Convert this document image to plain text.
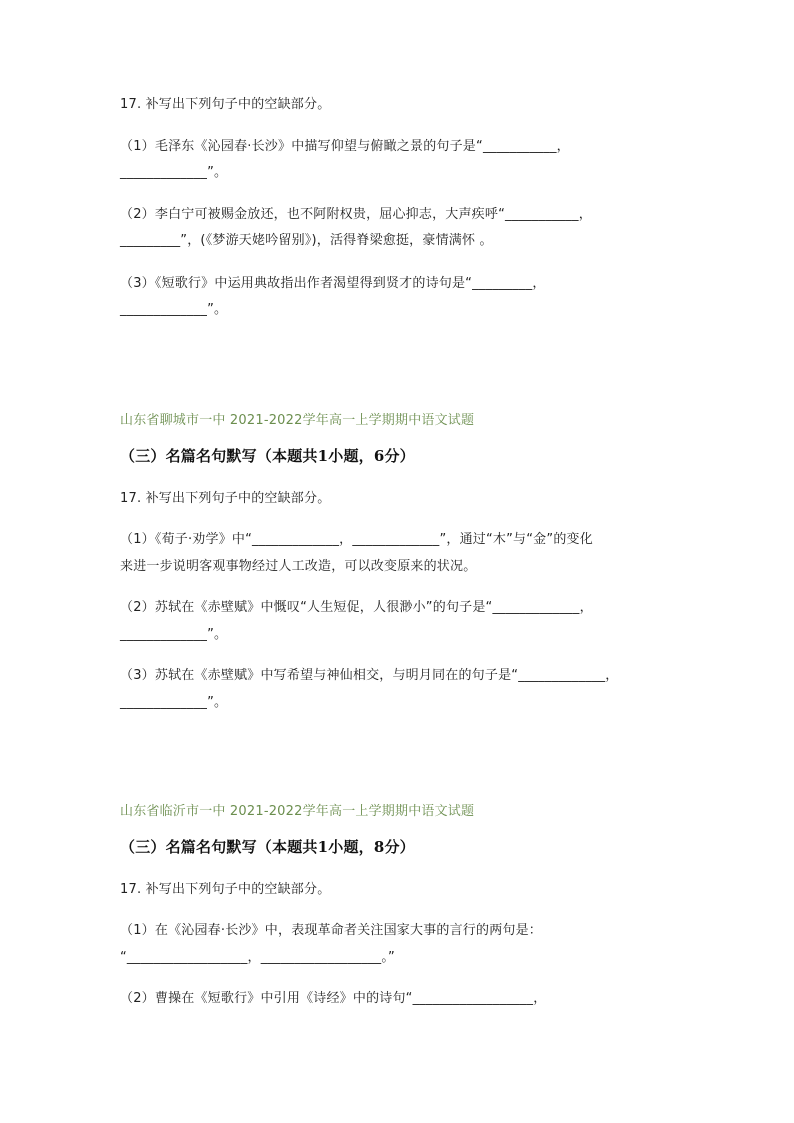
17. 补写出下列句子中的空缺部分。
（1）毛泽东《沁园春·长沙》中描写仰望与俯瞰之景的句子是“___________，
_____________”。
（2）李白宁可被赐金放还，也不阿附权贵，屈心抑志，大声疾呼“___________，
_________”，(《梦游天姥吟留别》)，活得脊梁愈挺，豪情满怀 。
（3）《短歌行》中运用典故指出作者渴望得到贤才的诗句是“_________，
_____________”。
山东省聊城市一中 2021-2022学年高一上学期期中语文试题
（三）名篇名句默写（本题共1小题，6分）
17. 补写出下列句子中的空缺部分。
（1）《荀子·劝学》中“_____________，_____________”，通过“木”与“金”的变化
来进一步说明客观事物经过人工改造，可以改变原来的状况。
（2）苏轼在《赤壁赋》中慨叹“人生短促，人很渺小”的句子是“_____________，
_____________”。
（3）苏轼在《赤壁赋》中写希望与神仙相交，与明月同在的句子是“_____________，
_____________”。
山东省临沂市一中 2021-2022学年高一上学期期中语文试题
（三）名篇名句默写（本题共1小题，8分）
17. 补写出下列句子中的空缺部分。
（1）在《沁园春·长沙》中，表现革命者关注国家大事的言行的两句是：
“__________________，__________________。”
（2）曹操在《短歌行》中引用《诗经》中的诗句“__________________，
